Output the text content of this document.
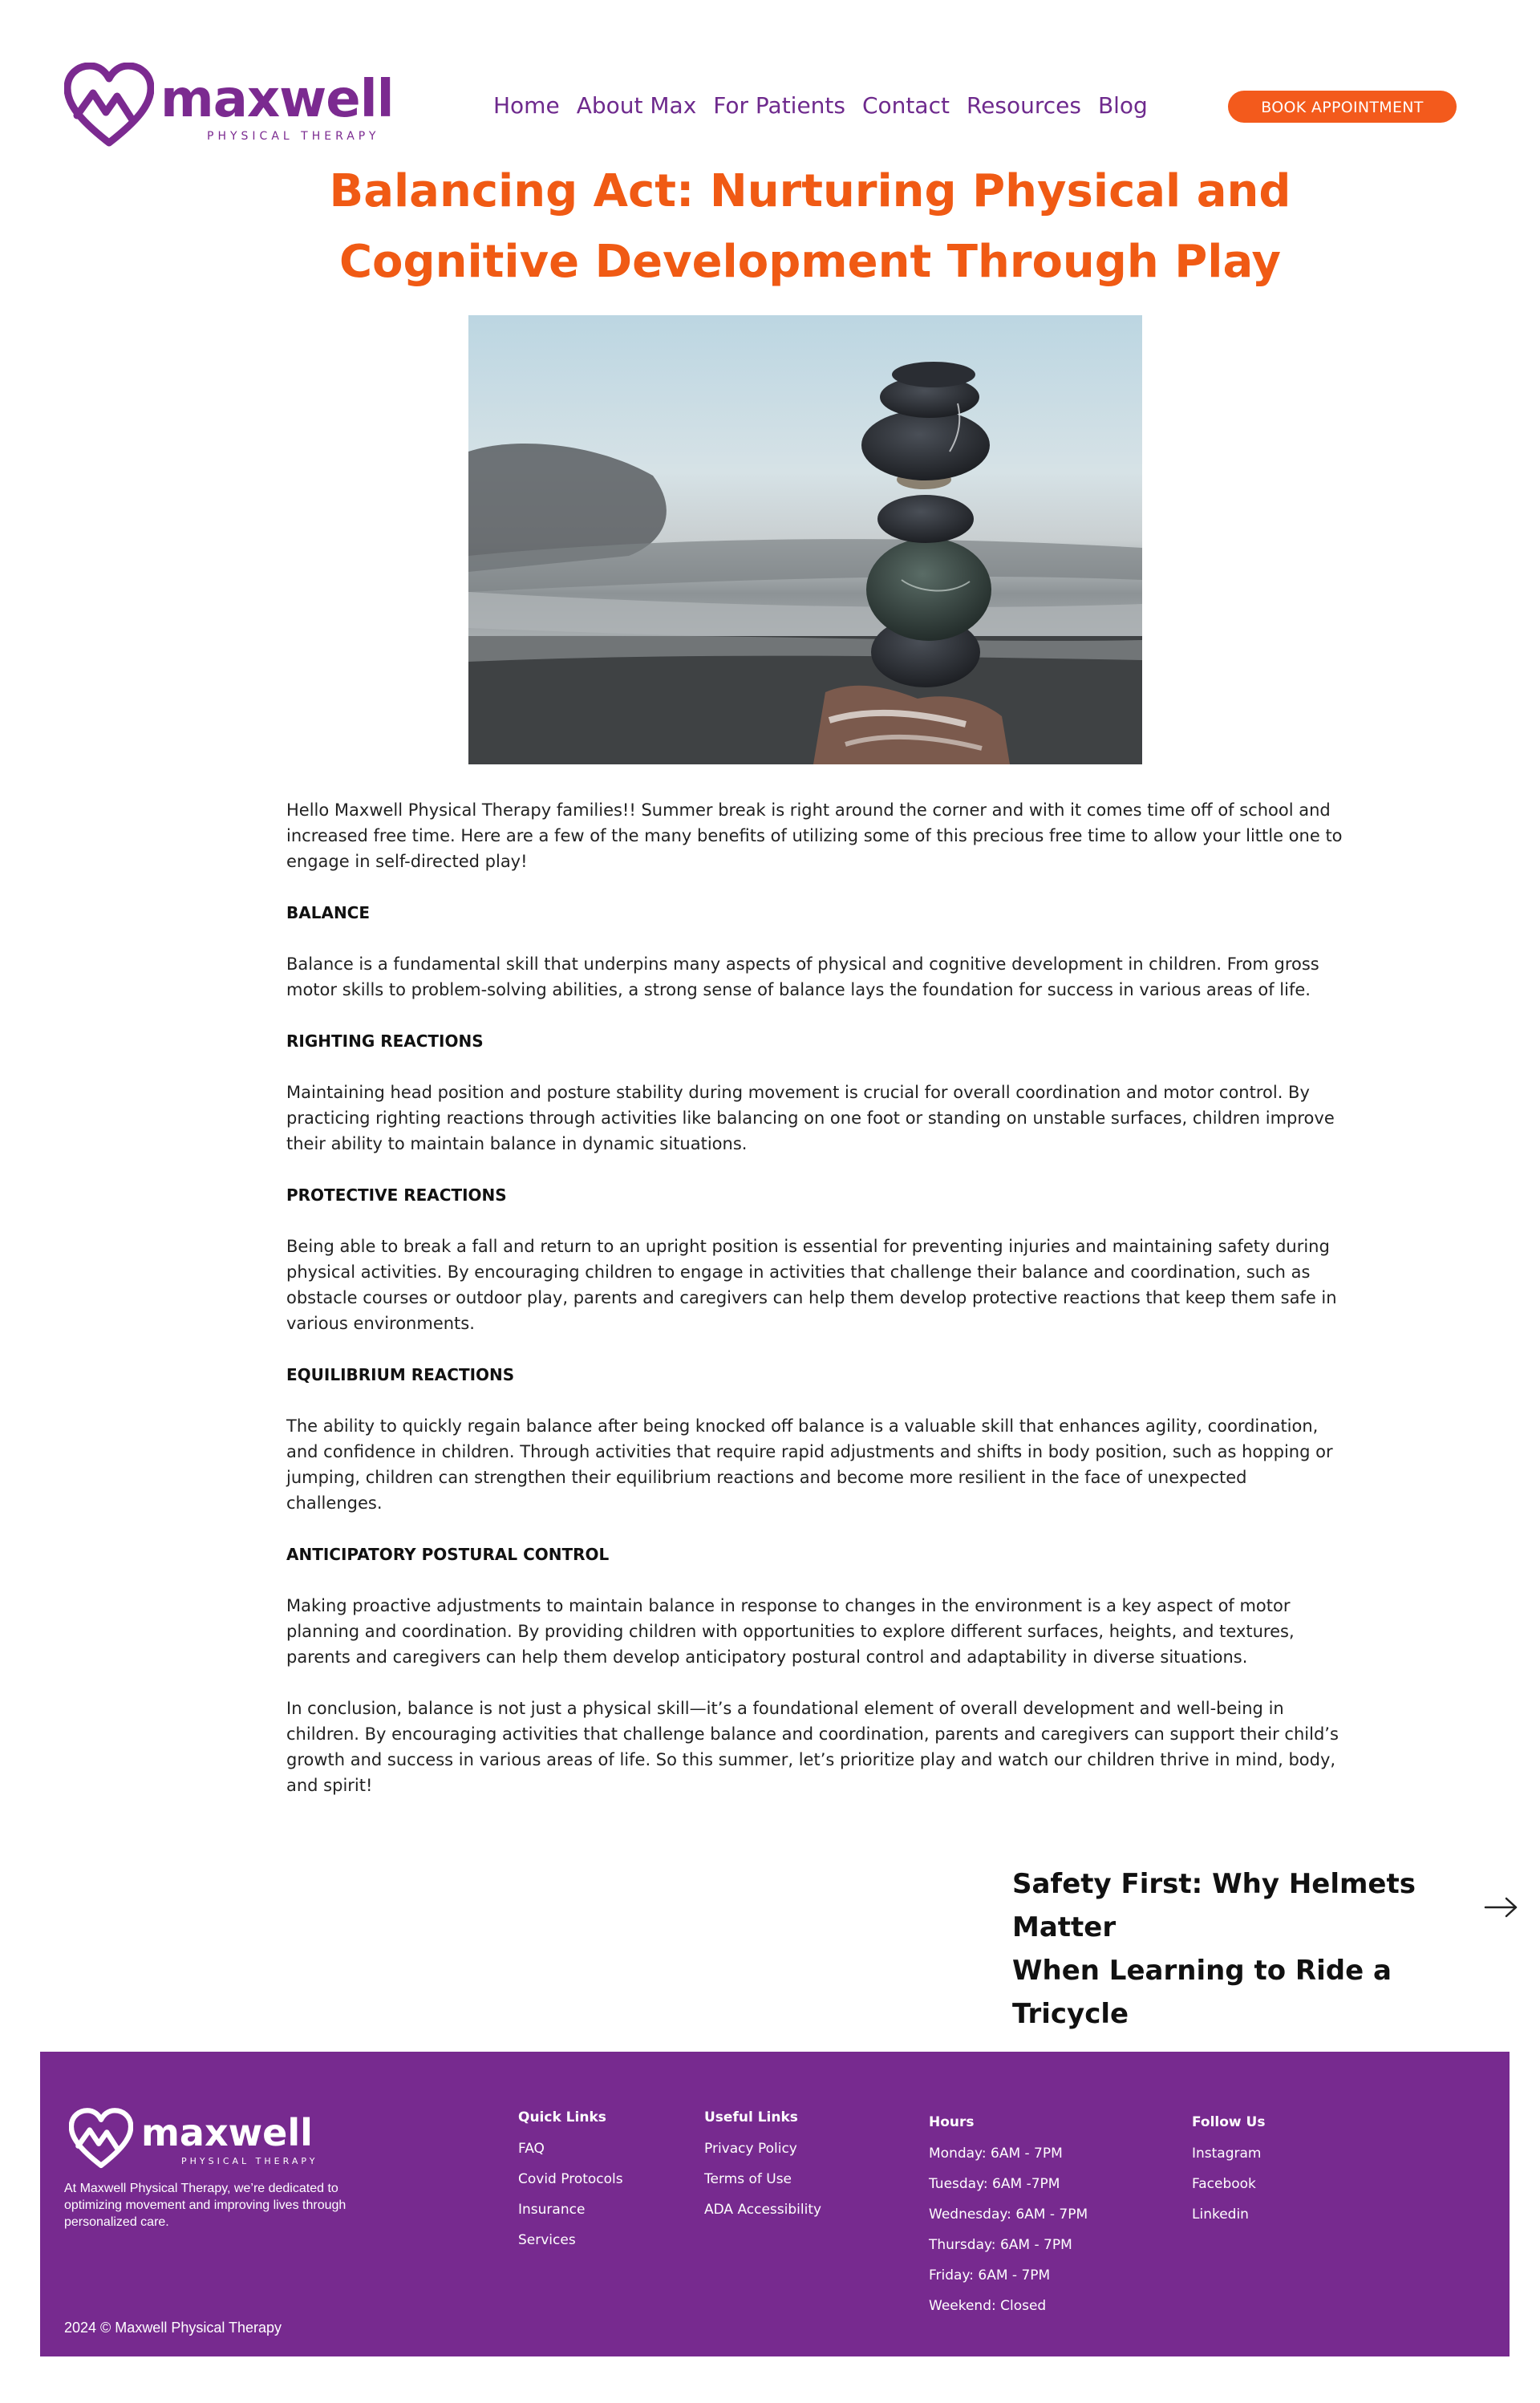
maxwell
PHYSICAL THERAPY
Home About Max For Patients Contact Resources Blog	BOOK APPOINTMENT
Balancing Act: Nurturing Physical and
Cognitive Development Through Play

Hello Maxwell Physical Therapy families!! Summer break is right around the corner and with it comes time off of school and increased free time. Here are a few of the many benefits of utilizing some of this precious free time to allow your little one to engage in self-directed play!

BALANCE

Balance is a fundamental skill that underpins many aspects of physical and cognitive development in children. From gross motor skills to problem-solving abilities, a strong sense of balance lays the foundation for success in various areas of life.

RIGHTING REACTIONS

Maintaining head position and posture stability during movement is crucial for overall coordination and motor control. By practicing righting reactions through activities like balancing on one foot or standing on unstable surfaces, children improve their ability to maintain balance in dynamic situations.

PROTECTIVE REACTIONS

Being able to break a fall and return to an upright position is essential for preventing injuries and maintaining safety during physical activities. By encouraging children to engage in activities that challenge their balance and coordination, such as obstacle courses or outdoor play, parents and caregivers can help them develop protective reactions that keep them safe in various environments.

EQUILIBRIUM REACTIONS

The ability to quickly regain balance after being knocked off balance is a valuable skill that enhances agility, coordination, and confidence in children. Through activities that require rapid adjustments and shifts in body position, such as hopping or jumping, children can strengthen their equilibrium reactions and become more resilient in the face of unexpected challenges.

ANTICIPATORY POSTURAL CONTROL

Making proactive adjustments to maintain balance in response to changes in the environment is a key aspect of motor planning and coordination. By providing children with opportunities to explore different surfaces, heights, and textures, parents and caregivers can help them develop anticipatory postural control and adaptability in diverse situations.

In conclusion, balance is not just a physical skill—it’s a foundational element of overall development and well-being in children. By encouraging activities that challenge balance and coordination, parents and caregivers can support their child’s growth and success in various areas of life. So this summer, let’s prioritize play and watch our children thrive in mind, body, and spirit!

Safety First: Why Helmets Matter
When Learning to Ride a Tricycle
maxwell
PHYSICAL THERAPY

At Maxwell Physical Therapy, we’re dedicated to optimizing movement and improving lives through personalized care.

Quick Links
FAQ
Covid Protocols
Insurance
Services
Useful Links
Privacy Policy
Terms of Use
ADA Accessibility
Hours
Monday: 6AM - 7PM
Tuesday: 6AM -7PM
Wednesday: 6AM - 7PM
Thursday: 6AM - 7PM
Friday: 6AM - 7PM
Weekend: Closed
Follow Us
Instagram
Facebook
Linkedin
2024 © Maxwell Physical Therapy
